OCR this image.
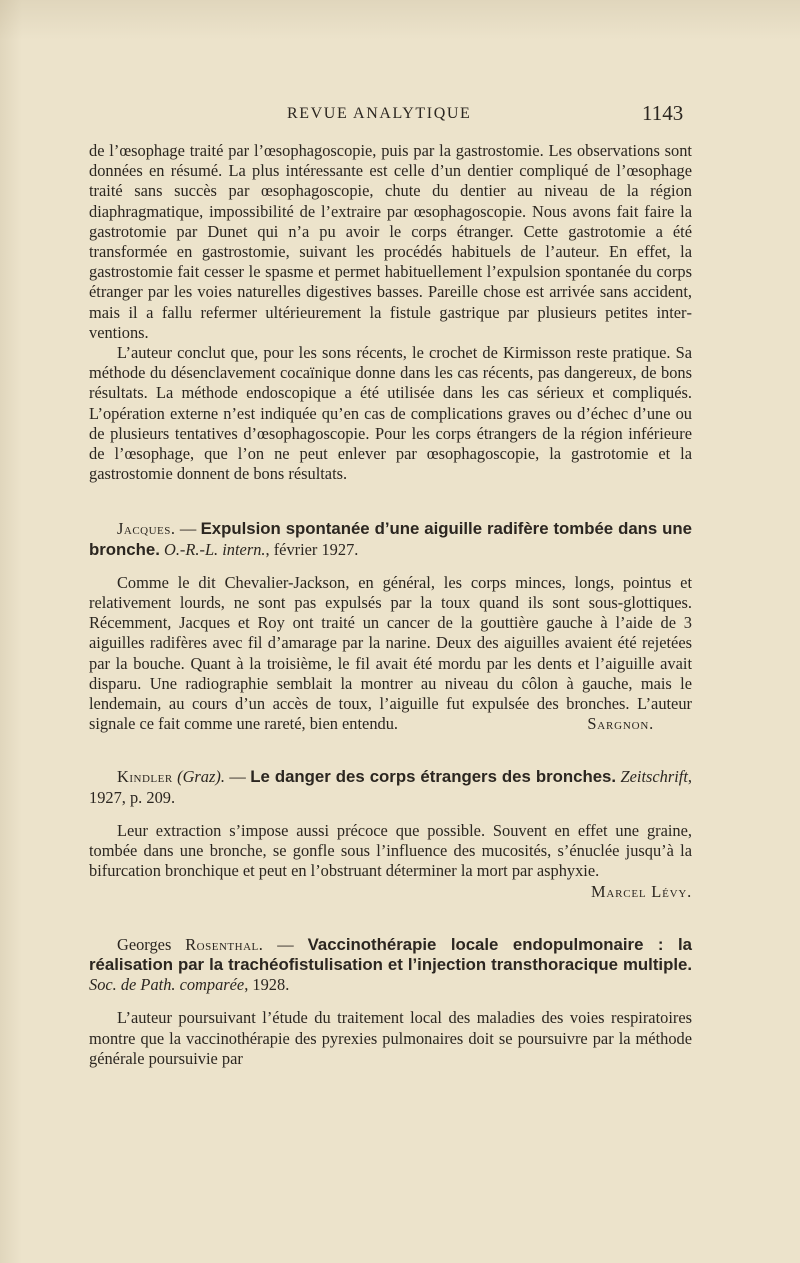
REVUE ANALYTIQUE	1143

de l’œsophage traité par l’œsophagoscopie, puis par la gastrostomie. Les observations sont données en résumé. La plus intéressante est celle d’un dentier compliqué de l’œsophage traité sans succès par œsophagoscopie, chute du dentier au niveau de la région diaphragmatique, impossibilité de l’extraire par œsophagoscopie. Nous avons fait faire la gastrotomie par Dunet qui n’a pu avoir le corps étranger. Cette gastrotomie a été transformée en gastrostomie, suivant les procédés habituels de l’auteur. En effet, la gastrostomie fait cesser le spasme et permet habituellement l’expulsion spontanée du corps étranger par les voies naturelles digestives basses. Pareille chose est arrivée sans accident, mais il a fallu refermer ultérieurement la fistule gastrique par plusieurs petites interventions.

L’auteur conclut que, pour les sons récents, le crochet de Kirmisson reste pratique. Sa méthode du désenclavement cocaïnique donne dans les cas récents, pas dangereux, de bons résultats. La méthode endoscopique a été utilisée dans les cas sérieux et compliqués. L’opération externe n’est indiquée qu’en cas de complications graves ou d’échec d’une ou de plusieurs tentatives d’œsophagoscopie. Pour les corps étrangers de la région inférieure de l’œsophage, que l’on ne peut enlever par œsophagoscopie, la gastrotomie et la gastrostomie donnent de bons résultats.

Jacques. — Expulsion spontanée d’une aiguille radifère tombée dans une bronche. O.-R.-L. intern., février 1927.

Comme le dit Chevalier-Jackson, en général, les corps minces, longs, pointus et relativement lourds, ne sont pas expulsés par la toux quand ils sont sous-glottiques. Récemment, Jacques et Roy ont traité un cancer de la gouttière gauche à l’aide de 3 aiguilles radifères avec fil d’amarage par la narine. Deux des aiguilles avaient été rejetées par la bouche. Quant à la troisième, le fil avait été mordu par les dents et l’aiguille avait disparu. Une radiographie semblait la montrer au niveau du côlon à gauche, mais le lendemain, au cours d’un accès de toux, l’aiguille fut expulsée des bronches. L’auteur signale ce fait comme une rareté, bien entendu.	Sargnon.

Kindler (Graz). — Le danger des corps étrangers des bronches. Zeitschrift, 1927, p. 209.

Leur extraction s’impose aussi précoce que possible. Souvent en effet une graine, tombée dans une bronche, se gonfle sous l’influence des mucosités, s’énuclée jusqu’à la bifurcation bronchique et peut en l’obstruant déterminer la mort par asphyxie.
Marcel Lévy.

Georges Rosenthal. — Vaccinothérapie locale endopulmonaire : la réalisation par la trachéofistulisation et l’injection transthoracique multiple. Soc. de Path. comparée, 1928.

L’auteur poursuivant l’étude du traitement local des maladies des voies respiratoires montre que la vaccinothérapie des pyrexies pulmonaires doit se poursuivre par la méthode générale poursuivie par
